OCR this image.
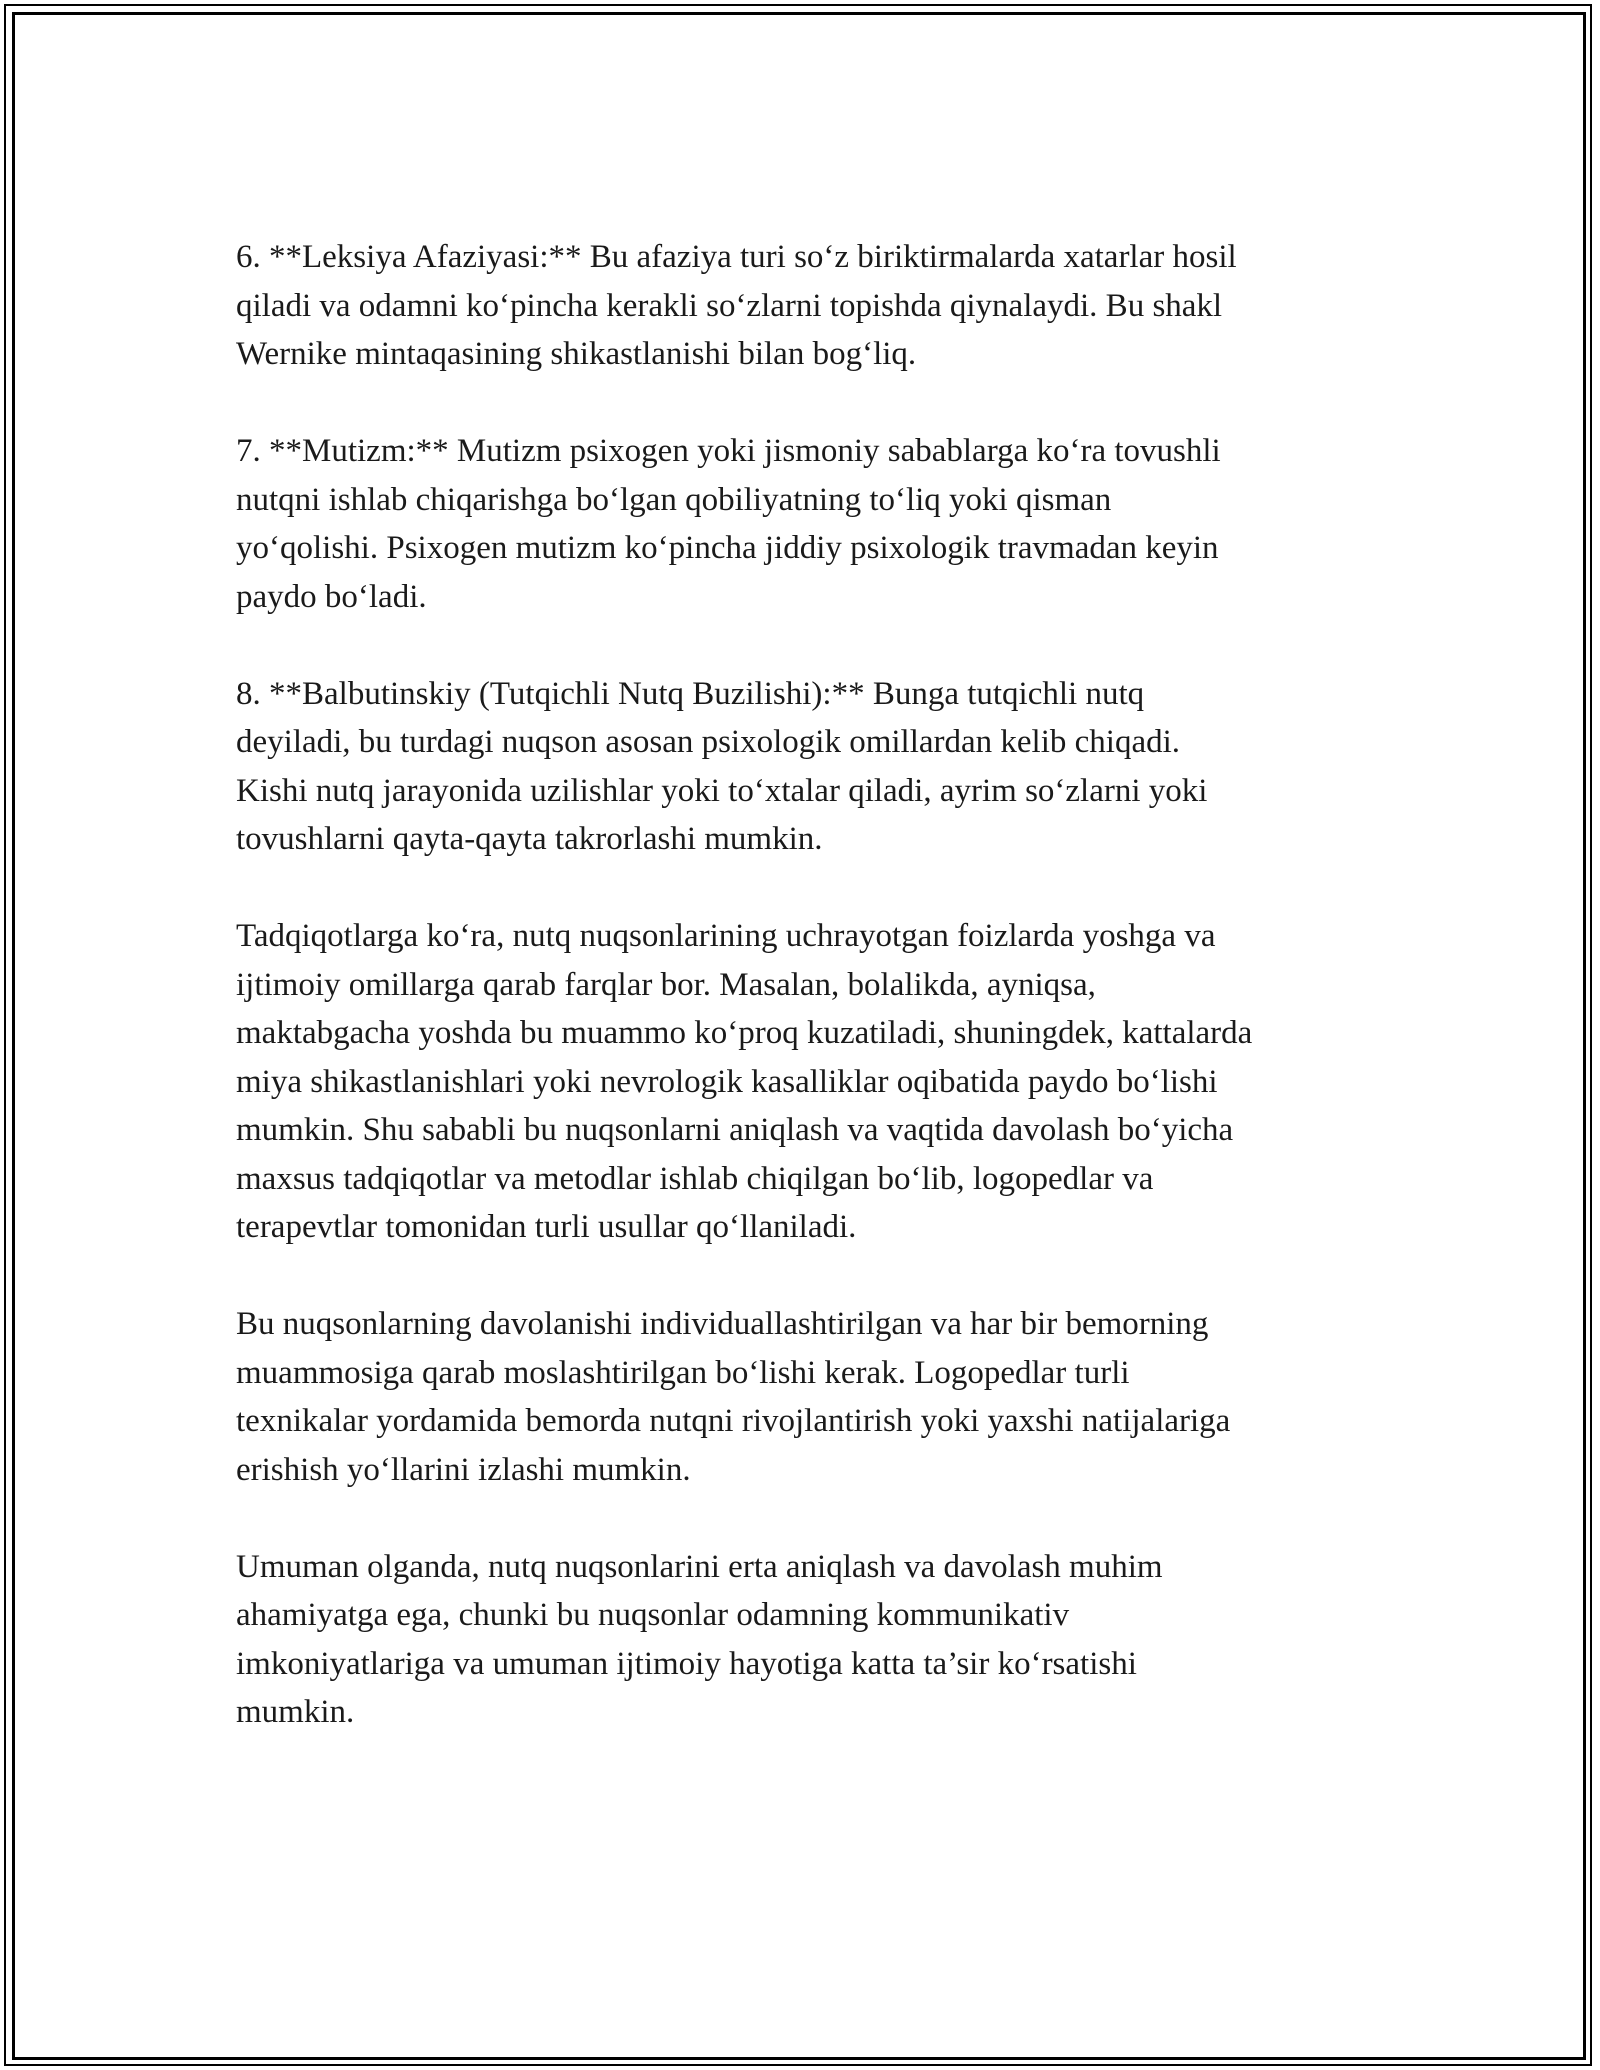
6. **Leksiya Afaziyasi:** Bu afaziya turi so‘z biriktirmalarda xatarlar hosil
qiladi va odamni ko‘pincha kerakli so‘zlarni topishda qiynalaydi. Bu shakl
Wernike mintaqasining shikastlanishi bilan bog‘liq.

7. **Mutizm:** Mutizm psixogen yoki jismoniy sabablarga ko‘ra tovushli
nutqni ishlab chiqarishga bo‘lgan qobiliyatning to‘liq yoki qisman
yo‘qolishi. Psixogen mutizm ko‘pincha jiddiy psixologik travmadan keyin
paydo bo‘ladi.

8. **Balbutinskiy (Tutqichli Nutq Buzilishi):** Bunga tutqichli nutq
deyiladi, bu turdagi nuqson asosan psixologik omillardan kelib chiqadi.
Kishi nutq jarayonida uzilishlar yoki to‘xtalar qiladi, ayrim so‘zlarni yoki
tovushlarni qayta-qayta takrorlashi mumkin.

Tadqiqotlarga ko‘ra, nutq nuqsonlarining uchrayotgan foizlarda yoshga va
ijtimoiy omillarga qarab farqlar bor. Masalan, bolalikda, ayniqsa,
maktabgacha yoshda bu muammo ko‘proq kuzatiladi, shuningdek, kattalarda
miya shikastlanishlari yoki nevrologik kasalliklar oqibatida paydo bo‘lishi
mumkin. Shu sababli bu nuqsonlarni aniqlash va vaqtida davolash bo‘yicha
maxsus tadqiqotlar va metodlar ishlab chiqilgan bo‘lib, logopedlar va
terapevtlar tomonidan turli usullar qo‘llaniladi.

Bu nuqsonlarning davolanishi individuallashtirilgan va har bir bemorning
muammosiga qarab moslashtirilgan bo‘lishi kerak. Logopedlar turli
texnikalar yordamida bemorda nutqni rivojlantirish yoki yaxshi natijalariga
erishish yo‘llarini izlashi mumkin.

Umuman olganda, nutq nuqsonlarini erta aniqlash va davolash muhim
ahamiyatga ega, chunki bu nuqsonlar odamning kommunikativ
imkoniyatlariga va umuman ijtimoiy hayotiga katta ta’sir ko‘rsatishi
mumkin.
